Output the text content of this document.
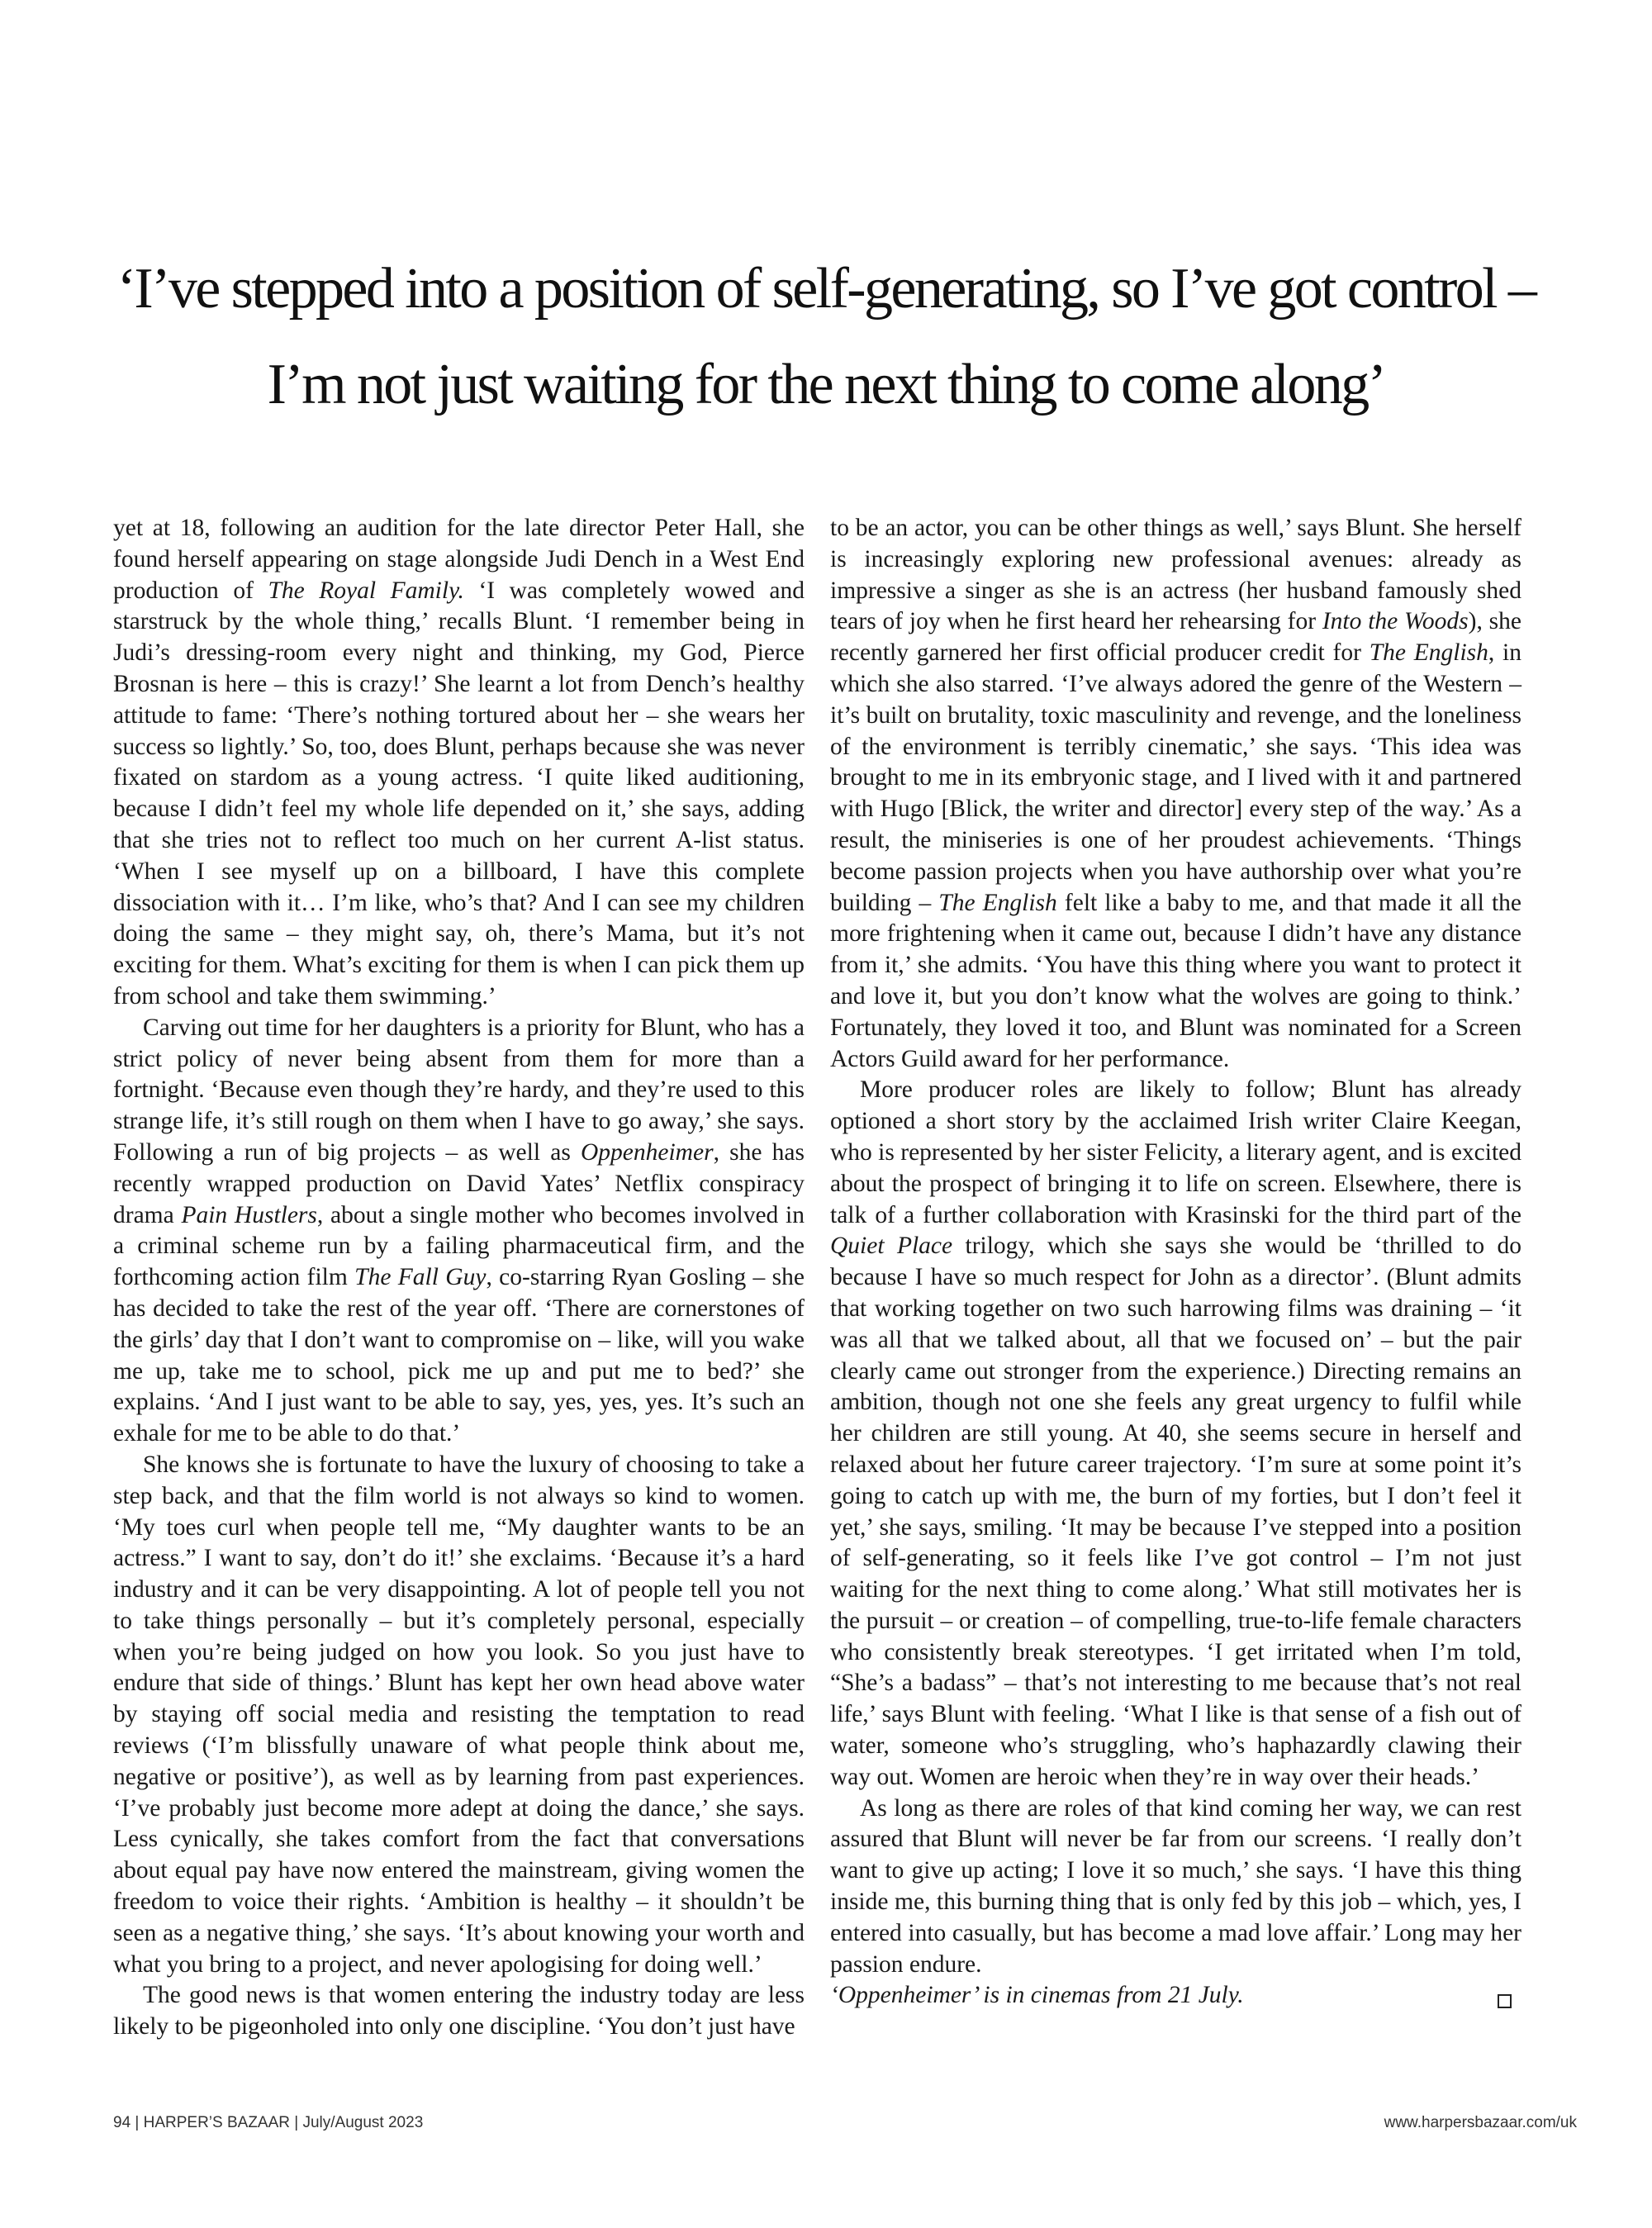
‘I’ve stepped into a position of self-generating, so I’ve got control –
I’m not just waiting for the next thing to come along’

yet at 18, following an audition for the late director Peter Hall, she found herself appearing on stage alongside Judi Dench in a West End production of The Royal Family. ‘I was completely wowed and starstruck by the whole thing,’ recalls Blunt. ‘I remember being in Judi’s dressing-room every night and thinking, my God, Pierce Brosnan is here – this is crazy!’ She learnt a lot from Dench’s healthy attitude to fame: ‘There’s nothing tortured about her – she wears her success so lightly.’ So, too, does Blunt, perhaps because she was never fixated on stardom as a young actress. ‘I quite liked auditioning, because I didn’t feel my whole life depended on it,’ she says, adding that she tries not to reflect too much on her current A-list status. ‘When I see myself up on a billboard, I have this complete dissociation with it… I’m like, who’s that? And I can see my children doing the same – they might say, oh, there’s Mama, but it’s not exciting for them. What’s exciting for them is when I can pick them up from school and take them swimming.’

Carving out time for her daughters is a priority for Blunt, who has a strict policy of never being absent from them for more than a fortnight. ‘Because even though they’re hardy, and they’re used to this strange life, it’s still rough on them when I have to go away,’ she says. Following a run of big projects – as well as Oppenheimer, she has recently wrapped production on David Yates’ Netflix conspiracy drama Pain Hustlers, about a single mother who becomes involved in a criminal scheme run by a failing pharmaceutical firm, and the forthcoming action film The Fall Guy, co-starring Ryan Gosling – she has decided to take the rest of the year off. ‘There are cornerstones of the girls’ day that I don’t want to compromise on – like, will you wake me up, take me to school, pick me up and put me to bed?’ she explains. ‘And I just want to be able to say, yes, yes, yes. It’s such an exhale for me to be able to do that.’

She knows she is fortunate to have the luxury of choosing to take a step back, and that the film world is not always so kind to women. ‘My toes curl when people tell me, “My daughter wants to be an actress.” I want to say, don’t do it!’ she exclaims. ‘Because it’s a hard industry and it can be very disappointing. A lot of people tell you not to take things personally – but it’s completely personal, especially when you’re being judged on how you look. So you just have to endure that side of things.’ Blunt has kept her own head above water by staying off social media and resisting the temptation to read reviews (‘I’m blissfully unaware of what people think about me, negative or positive’), as well as by learning from past experiences. ‘I’ve probably just become more adept at doing the dance,’ she says. Less cynically, she takes comfort from the fact that conversations about equal pay have now entered the mainstream, giving women the freedom to voice their rights. ‘Ambition is healthy – it shouldn’t be seen as a negative thing,’ she says. ‘It’s about knowing your worth and what you bring to a project, and never apologising for doing well.’

The good news is that women entering the industry today are less likely to be pigeonholed into only one discipline. ‘You don’t just have

to be an actor, you can be other things as well,’ says Blunt. She herself is increasingly exploring new professional avenues: already as impressive a singer as she is an actress (her husband famously shed tears of joy when he first heard her rehearsing for Into the Woods), she recently garnered her first official producer credit for The English, in which she also starred. ‘I’ve always adored the genre of the Western – it’s built on brutality, toxic masculinity and revenge, and the loneliness of the environment is terribly cinematic,’ she says. ‘This idea was brought to me in its embryonic stage, and I lived with it and partnered with Hugo [Blick, the writer and director] every step of the way.’ As a result, the miniseries is one of her proudest achievements. ‘Things become passion projects when you have authorship over what you’re building – The English felt like a baby to me, and that made it all the more frightening when it came out, because I didn’t have any distance from it,’ she admits. ‘You have this thing where you want to protect it and love it, but you don’t know what the wolves are going to think.’ Fortunately, they loved it too, and Blunt was nominated for a Screen Actors Guild award for her performance.

More producer roles are likely to follow; Blunt has already optioned a short story by the acclaimed Irish writer Claire Keegan, who is represented by her sister Felicity, a literary agent, and is excited about the prospect of bringing it to life on screen. Elsewhere, there is talk of a further collaboration with Krasinski for the third part of the Quiet Place trilogy, which she says she would be ‘thrilled to do because I have so much respect for John as a director’. (Blunt admits that working together on two such harrowing films was draining – ‘it was all that we talked about, all that we focused on’ – but the pair clearly came out stronger from the experience.) Directing remains an ambition, though not one she feels any great urgency to fulfil while her children are still young. At 40, she seems secure in herself and relaxed about her future career trajectory. ‘I’m sure at some point it’s going to catch up with me, the burn of my forties, but I don’t feel it yet,’ she says, smiling. ‘It may be because I’ve stepped into a position of self-generating, so it feels like I’ve got control – I’m not just waiting for the next thing to come along.’ What still motivates her is the pursuit – or creation – of compelling, true-to-life female characters who consistently break stereotypes. ‘I get irritated when I’m told, “She’s a badass” – that’s not interesting to me because that’s not real life,’ says Blunt with feeling. ‘What I like is that sense of a fish out of water, someone who’s struggling, who’s haphazardly clawing their way out. Women are heroic when they’re in way over their heads.’

As long as there are roles of that kind coming her way, we can rest assured that Blunt will never be far from our screens. ‘I really don’t want to give up acting; I love it so much,’ she says. ‘I have this thing inside me, this burning thing that is only fed by this job – which, yes, I entered into casually, but has become a mad love affair.’ Long may her passion endure.

‘Oppenheimer’ is in cinemas from 21 July.

94 | HARPER’S BAZAAR | July/August 2023	www.harpersbazaar.com/uk
